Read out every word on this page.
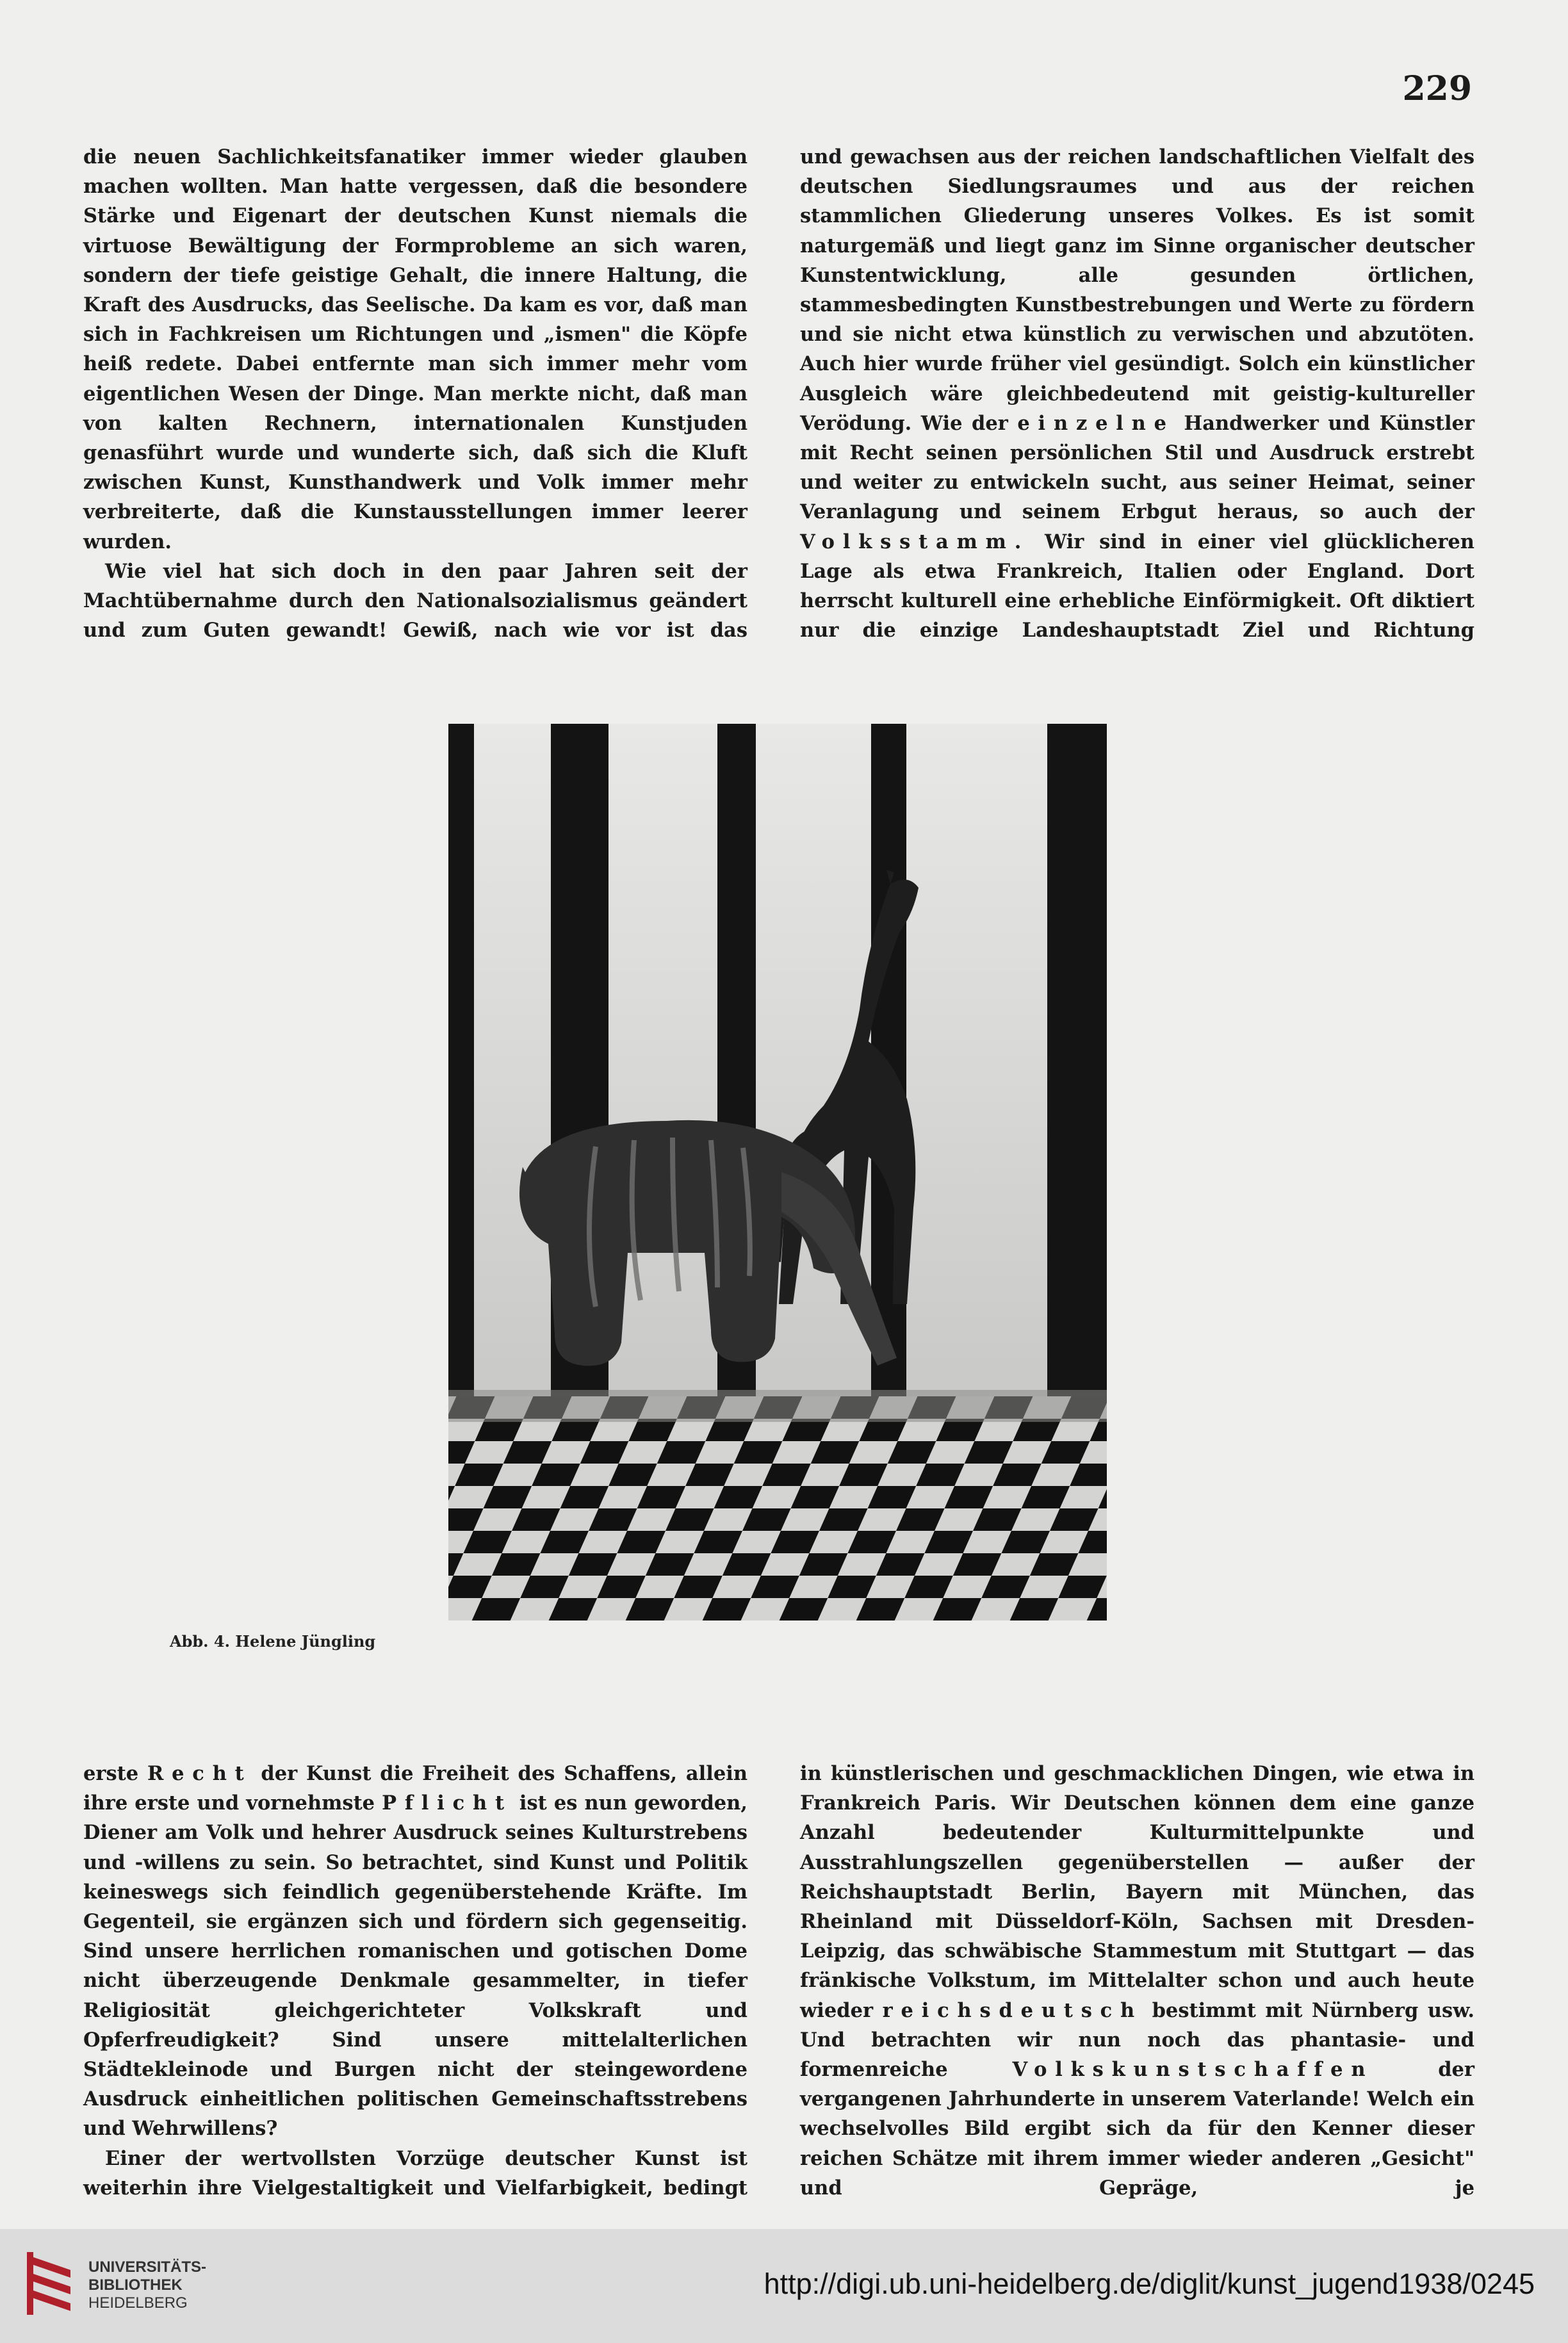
229

die neuen Sachlichkeitsfanatiker immer wieder glauben machen wollten. Man hatte vergessen, daß die besondere Stärke und Eigenart der deutschen Kunst niemals die virtuose Bewältigung der Formprobleme an sich waren, sondern der tiefe geistige Gehalt, die innere Haltung, die Kraft des Ausdrucks, das Seelische. Da kam es vor, daß man sich in Fachkreisen um Richtungen und „ismen" die Köpfe heiß redete. Dabei entfernte man sich immer mehr vom eigentlichen Wesen der Dinge. Man merkte nicht, daß man von kalten Rechnern, internationalen Kunstjuden genasführt wurde und wunderte sich, daß sich die Kluft zwischen Kunst, Kunsthandwerk und Volk immer mehr verbreiterte, daß die Kunstausstellungen immer leerer wurden.

Wie viel hat sich doch in den paar Jahren seit der Machtübernahme durch den Nationalsozialismus geändert und zum Guten gewandt! Gewiß, nach wie vor ist das

und gewachsen aus der reichen landschaftlichen Vielfalt des deutschen Siedlungsraumes und aus der reichen stammlichen Gliederung unseres Volkes. Es ist somit naturgemäß und liegt ganz im Sinne organischer deutscher Kunstentwicklung, alle gesunden örtlichen, stammesbedingten Kunstbestrebungen und Werte zu fördern und sie nicht etwa künstlich zu verwischen und abzutöten. Auch hier wurde früher viel gesündigt. Solch ein künstlicher Ausgleich wäre gleichbedeutend mit geistig-kultureller Verödung. Wie der einzelne Handwerker und Künstler mit Recht seinen persönlichen Stil und Ausdruck erstrebt und weiter zu entwickeln sucht, aus seiner Heimat, seiner Veranlagung und seinem Erbgut heraus, so auch der Volksstamm. Wir sind in einer viel glücklicheren Lage als etwa Frankreich, Italien oder England. Dort herrscht kulturell eine erhebliche Einförmigkeit. Oft diktiert nur die einzige Landeshauptstadt Ziel und Richtung

Abb. 4. Helene Jüngling

erste Recht der Kunst die Freiheit des Schaffens, allein ihre erste und vornehmste Pflicht ist es nun geworden, Diener am Volk und hehrer Ausdruck seines Kulturstrebens und -willens zu sein. So betrachtet, sind Kunst und Politik keineswegs sich feindlich gegenüberstehende Kräfte. Im Gegenteil, sie ergänzen sich und fördern sich gegenseitig. Sind unsere herrlichen romanischen und gotischen Dome nicht überzeugende Denkmale gesammelter, in tiefer Religiosität gleichgerichteter Volkskraft und Opferfreudigkeit? Sind unsere mittelalterlichen Städtekleinode und Burgen nicht der steingewordene Ausdruck einheitlichen politischen Gemeinschaftsstrebens und Wehrwillens?

Einer der wertvollsten Vorzüge deutscher Kunst ist weiterhin ihre Vielgestaltigkeit und Vielfarbigkeit, bedingt

in künstlerischen und geschmacklichen Dingen, wie etwa in Frankreich Paris. Wir Deutschen können dem eine ganze Anzahl bedeutender Kulturmittelpunkte und Ausstrahlungszellen gegenüberstellen — außer der Reichshauptstadt Berlin, Bayern mit München, das Rheinland mit Düsseldorf-Köln, Sachsen mit Dresden-Leipzig, das schwäbische Stammestum mit Stuttgart — das fränkische Volkstum, im Mittelalter schon und auch heute wieder reichsdeutsch bestimmt mit Nürnberg usw. Und betrachten wir nun noch das phantasie- und formenreiche	Volkskunstschaffen	der vergangenen Jahrhunderte in unserem Vaterlande! Welch ein wechselvolles Bild ergibt sich da für den Kenner dieser reichen Schätze mit ihrem immer wieder anderen „Gesicht" und Gepräge, je

UNIVERSITÄTS-
BIBLIOTHEK
HEIDELBERG
http://digi.ub.uni-heidelberg.de/diglit/kunst_jugend1938/0245
